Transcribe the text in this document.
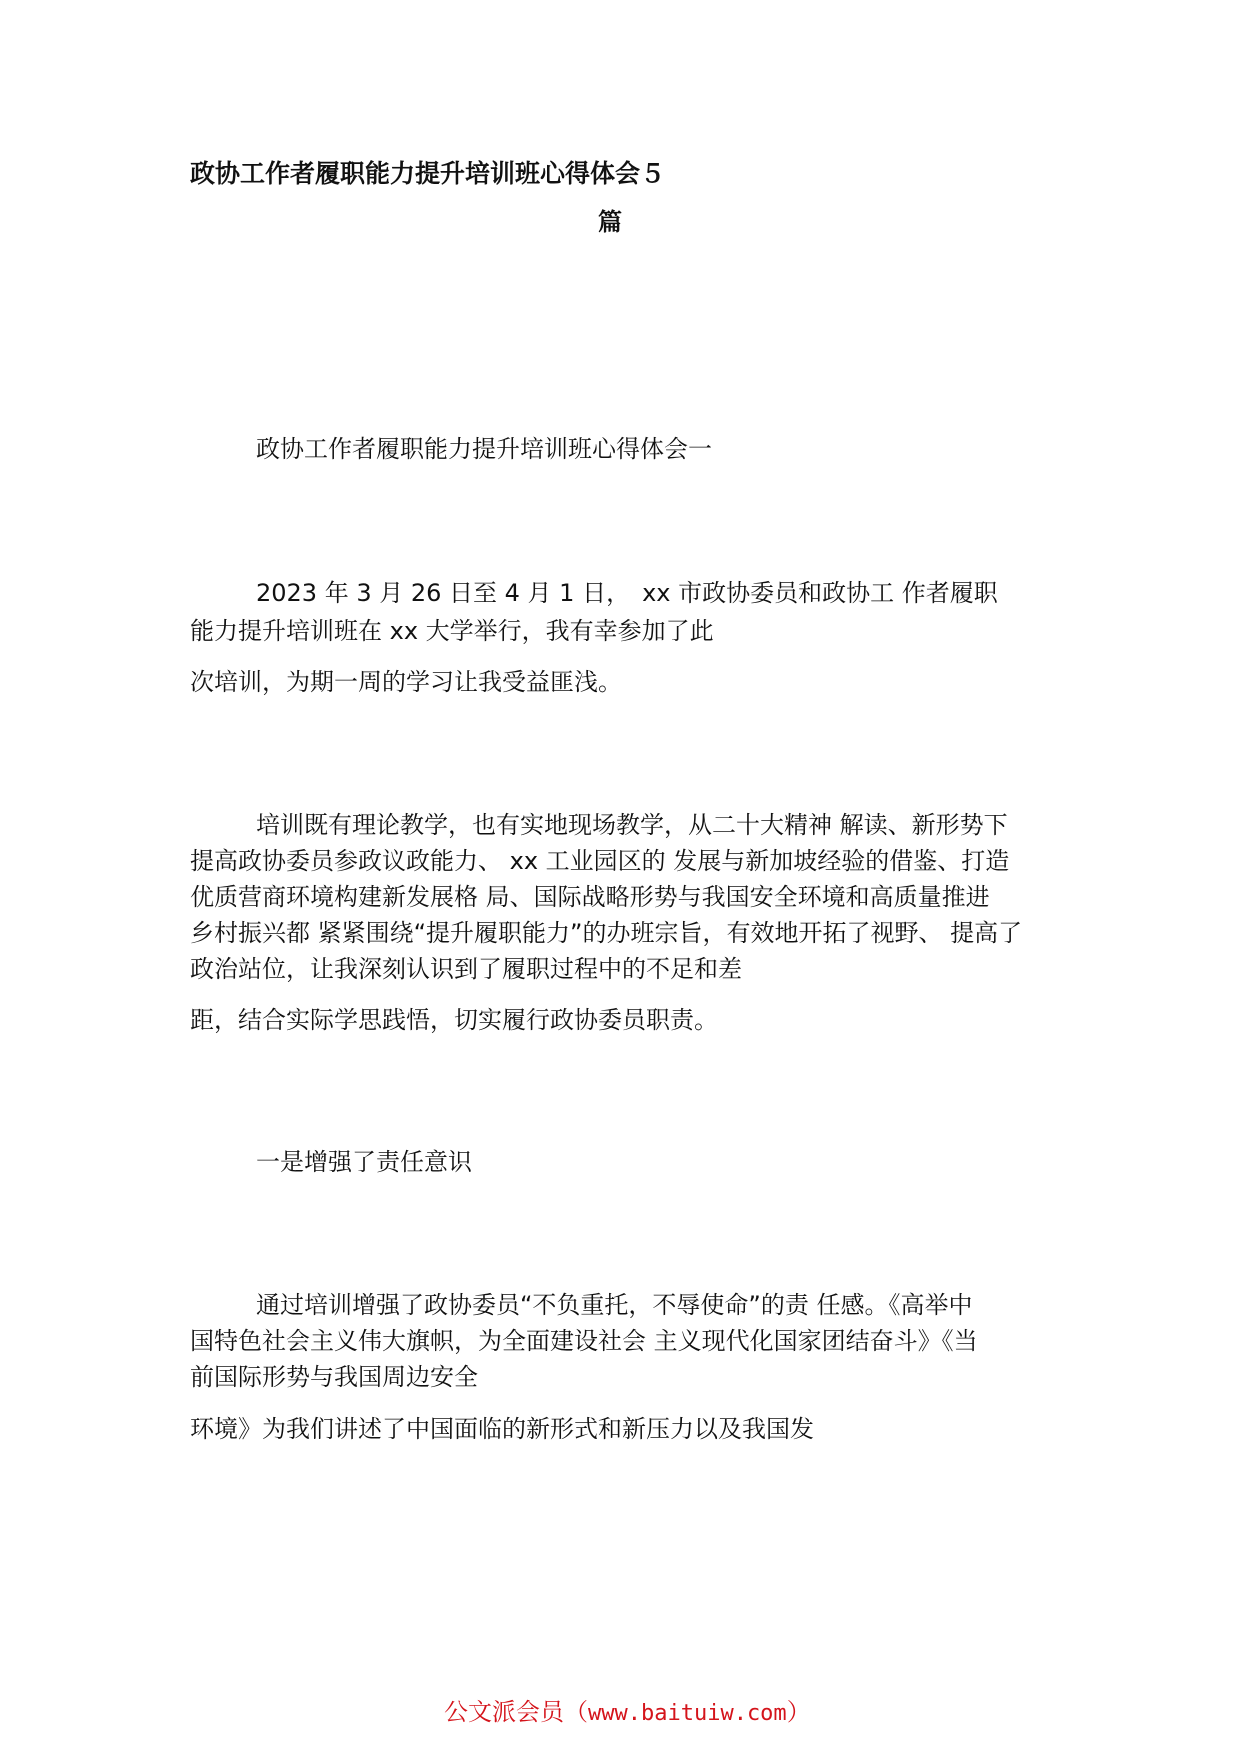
政协工作者履职能力提升培训班心得体会５
篇
政协工作者履职能力提升培训班心得体会一
2023 年 3 月 26 日至 4 月 1 日，　xx 市政协委员和政协工 作者履职
能力提升培训班在 xx 大学举行，我有幸参加了此
次培训，为期一周的学习让我受益匪浅。
培训既有理论教学，也有实地现场教学，从二十大精神 解读、新形势下
提高政协委员参政议政能力、 xx 工业园区的 发展与新加坡经验的借鉴、打造
优质营商环境构建新发展格 局、国际战略形势与我国安全环境和高质量推进
乡村振兴都 紧紧围绕“提升履职能力”的办班宗旨，有效地开拓了视野、 提高了
政治站位，让我深刻认识到了履职过程中的不足和差
距，结合实际学思践悟，切实履行政协委员职责。
一是增强了责任意识
通过培训增强了政协委员“不负重托，不辱使命”的责 任感。《高举中
国特色社会主义伟大旗帜，为全面建设社会 主义现代化国家团结奋斗》《当
前国际形势与我国周边安全
环境》为我们讲述了中国面临的新形式和新压力以及我国发
公文派会员（www.baituiw.com）
